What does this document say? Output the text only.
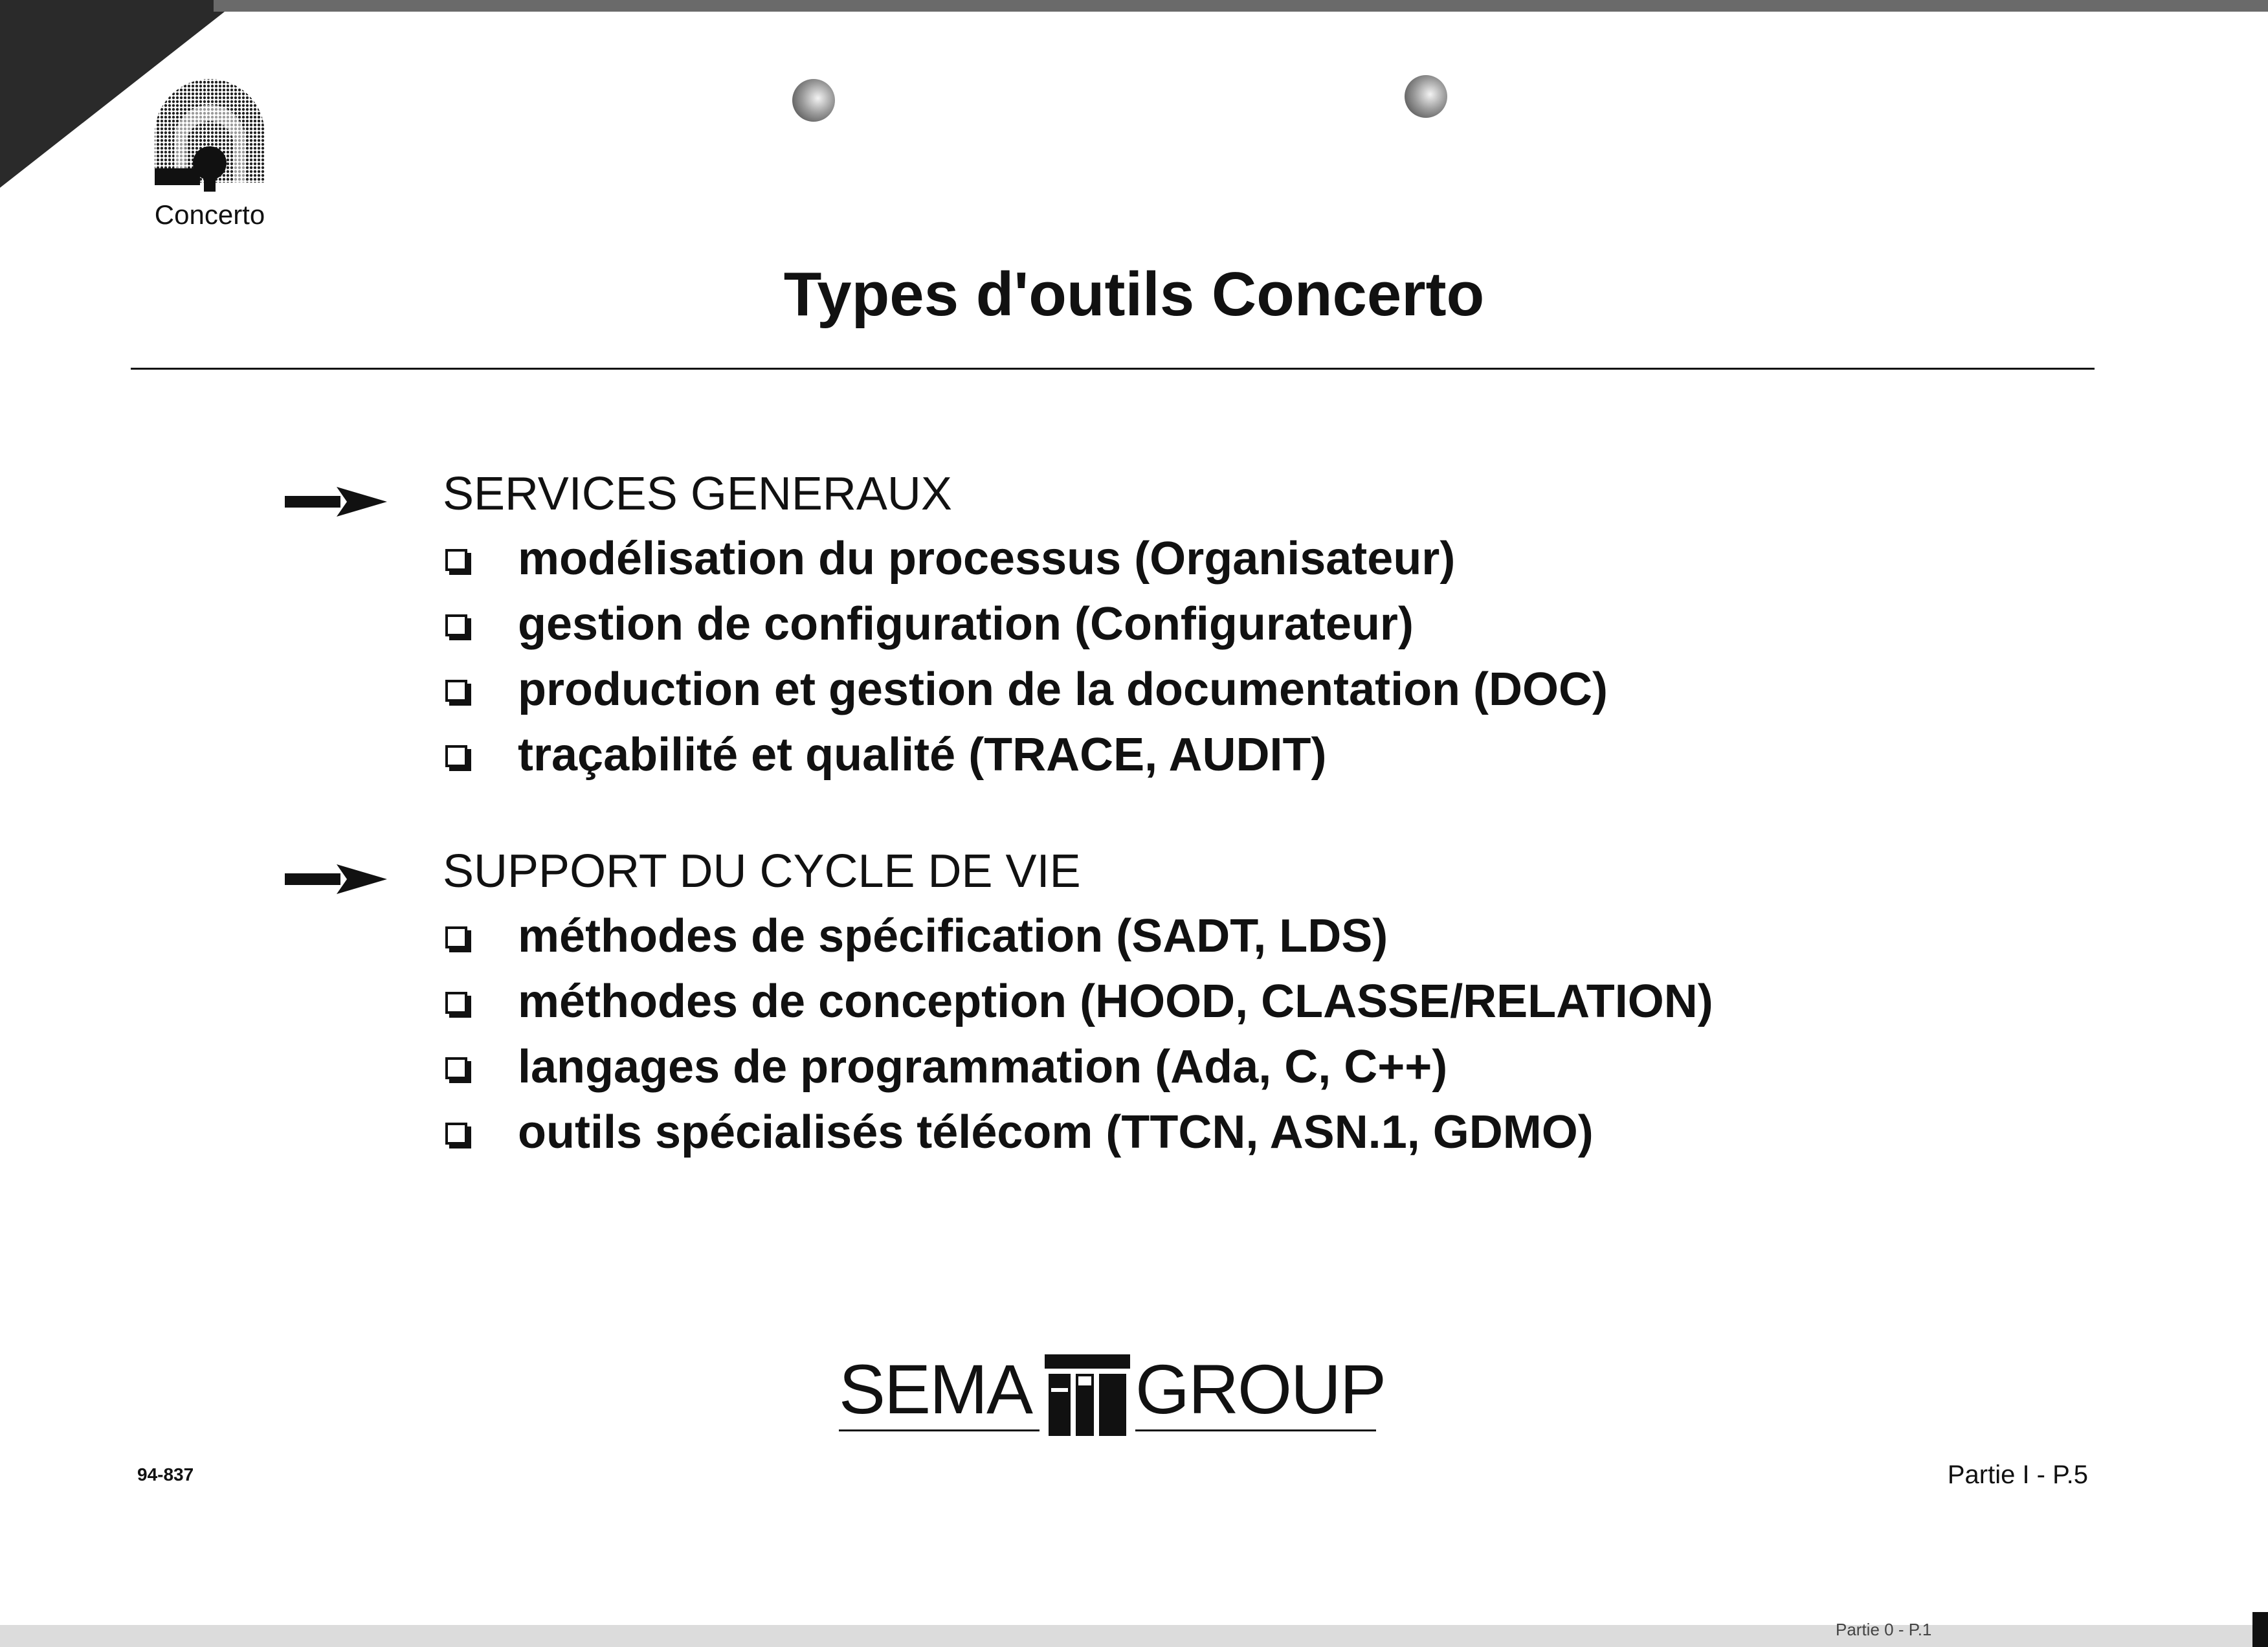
Concerto
Types d'outils Concerto
SERVICES GENERAUX
modélisation du processus (Organisateur)
gestion de configuration (Configurateur)
production et gestion de la documentation (DOC)
traçabilité et qualité (TRACE, AUDIT)
SUPPORT DU CYCLE DE VIE
méthodes de spécification (SADT, LDS)
méthodes de conception (HOOD, CLASSE/RELATION)
langages de programmation (Ada, C, C++)
outils spécialisés télécom (TTCN, ASN.1, GDMO)
SEMA GROUP
94-837	Partie I - P.5
Partie 0 - P.1
